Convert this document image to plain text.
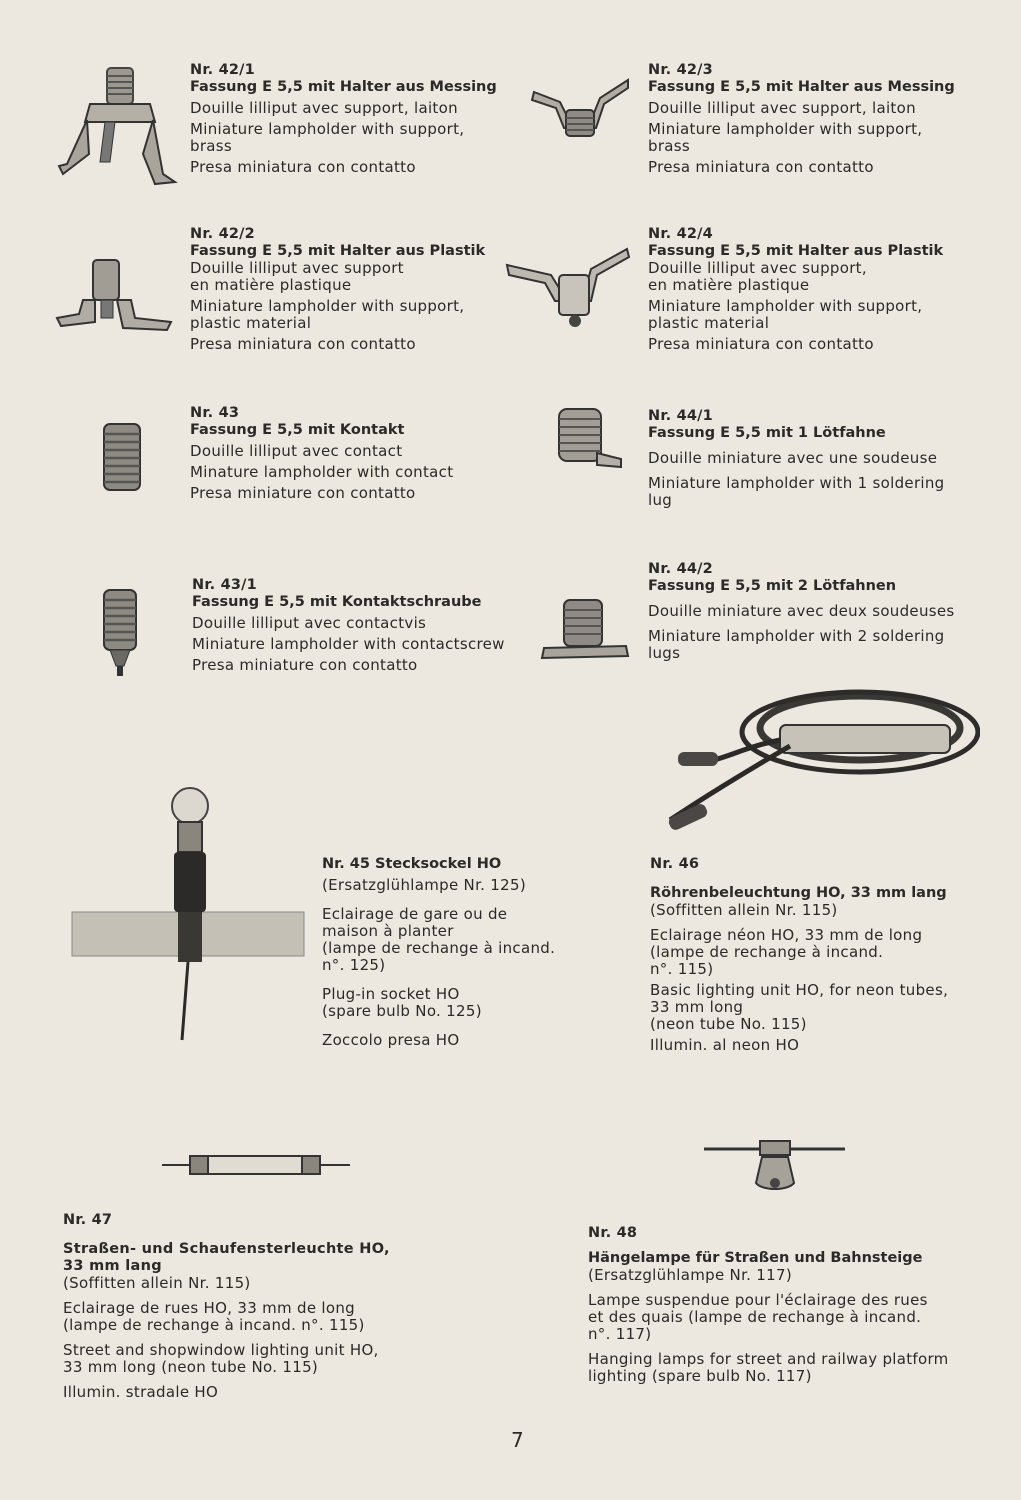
Nr. 42/1
Fassung E 5,5 mit Halter aus Messing
Douille lilliput avec support, laiton
Miniature lampholder with support,
brass
Presa miniatura con contatto
Nr. 42/3
Fassung E 5,5 mit Halter aus Messing
Douille lilliput avec support, laiton
Miniature lampholder with support,
brass
Presa miniatura con contatto
Nr. 42/2
Fassung E 5,5 mit Halter aus Plastik
Douille lilliput avec support
en matière plastique
Miniature lampholder with support,
plastic material
Presa miniatura con contatto
Nr. 42/4
Fassung E 5,5 mit Halter aus Plastik
Douille lilliput avec support,
en matière plastique
Miniature lampholder with support,
plastic material
Presa miniatura con contatto
Nr. 43
Fassung E 5,5 mit Kontakt
Douille lilliput avec contact
Minature lampholder with contact
Presa miniature con contatto
Nr. 44/1
Fassung E 5,5 mit 1 Lötfahne
Douille miniature avec une soudeuse
Miniature lampholder with 1 soldering
lug
Nr. 43/1
Fassung E 5,5 mit Kontaktschraube
Douille lilliput avec contactvis
Miniature lampholder with contactscrew
Presa miniature con contatto
Nr. 44/2
Fassung E 5,5 mit 2 Lötfahnen
Douille miniature avec deux soudeuses
Miniature lampholder with 2 soldering
lugs
Nr. 45 Stecksockel HO
(Ersatzglühlampe Nr. 125)
Eclairage de gare ou de
maison à planter
(lampe de rechange à incand.
n°. 125)
Plug-in socket HO
(spare bulb No. 125)
Zoccolo presa HO
Nr. 46
Röhrenbeleuchtung HO, 33 mm lang
(Soffitten allein Nr. 115)
Eclairage néon HO, 33 mm de long
(lampe de rechange à incand.
n°. 115)
Basic lighting unit HO, for neon tubes,
33 mm long
(neon tube No. 115)
Illumin. al neon HO
Nr. 47
Straßen- und Schaufensterleuchte HO,
33 mm lang
(Soffitten allein Nr. 115)
Eclairage de rues HO, 33 mm de long
(lampe de rechange à incand. n°. 115)
Street and shopwindow lighting unit HO,
33 mm long (neon tube No. 115)
Illumin. stradale HO
Nr. 48
Hängelampe für Straßen und Bahnsteige
(Ersatzglühlampe Nr. 117)
Lampe suspendue pour l'éclairage des rues
et des quais (lampe de rechange à incand.
n°. 117)
Hanging lamps for street and railway platform
lighting (spare bulb No. 117)
7
